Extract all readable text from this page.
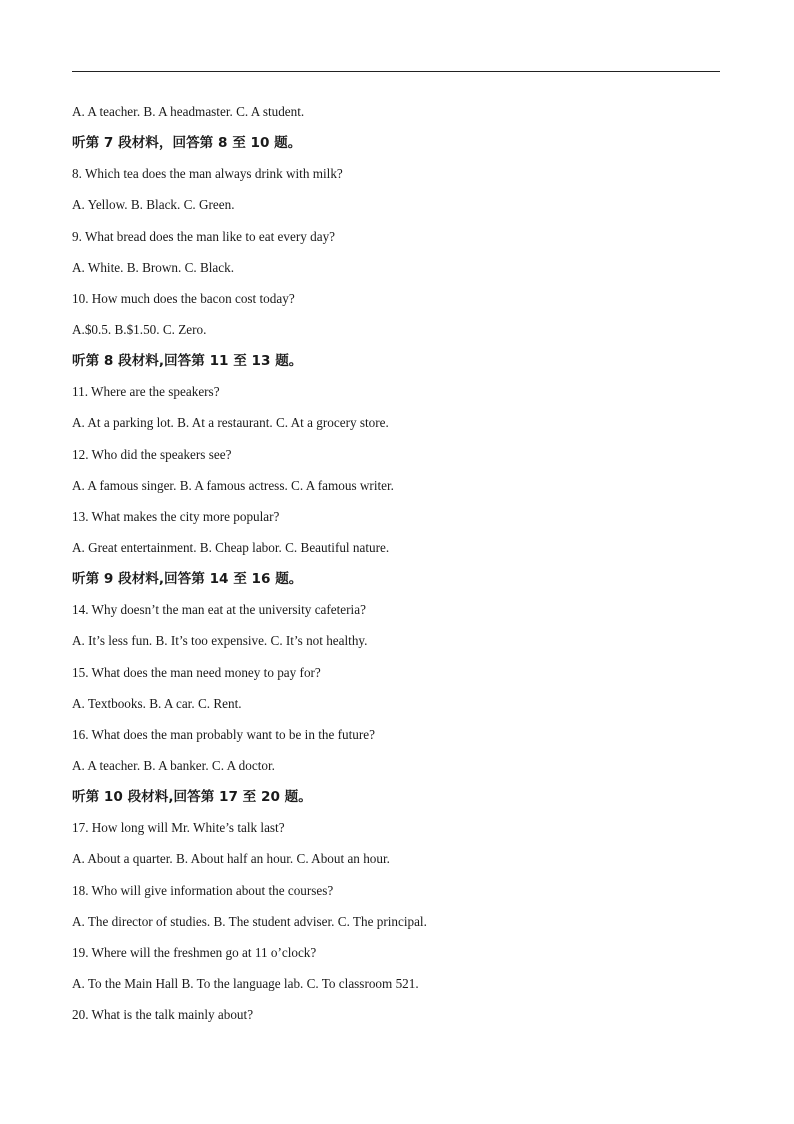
A. A teacher. B. A headmaster. C. A student.
听第 7 段材料，回答第 8 至 10 题。
8. Which tea does the man always drink with milk?
A. Yellow. B. Black. C. Green.
9. What bread does the man like to eat every day?
A. White. B. Brown. C. Black.
10. How much does the bacon cost today?
A.$0.5. B.$1.50. C. Zero.
听第 8 段材料,回答第 11 至 13 题。
11. Where are the speakers?
A. At a parking lot. B. At a restaurant. C. At a grocery store.
12. Who did the speakers see?
A. A famous singer. B. A famous actress. C. A famous writer.
13. What makes the city more popular?
A. Great entertainment. B. Cheap labor. C. Beautiful nature.
听第 9 段材料,回答第 14 至 16 题。
14. Why doesn’t the man eat at the university cafeteria?
A. It’s less fun. B. It’s too expensive. C. It’s not healthy.
15. What does the man need money to pay for?
A. Textbooks. B. A car. C. Rent.
16. What does the man probably want to be in the future?
A. A teacher. B. A banker. C. A doctor.
听第 10 段材料,回答第 17 至 20 题。
17. How long will Mr. White’s talk last?
A. About a quarter. B. About half an hour. C. About an hour.
18. Who will give information about the courses?
A. The director of studies. B. The student adviser. C. The principal.
19. Where will the freshmen go at 11 o’clock?
A. To the Main Hall B. To the language lab. C. To classroom 521.
20. What is the talk mainly about?
